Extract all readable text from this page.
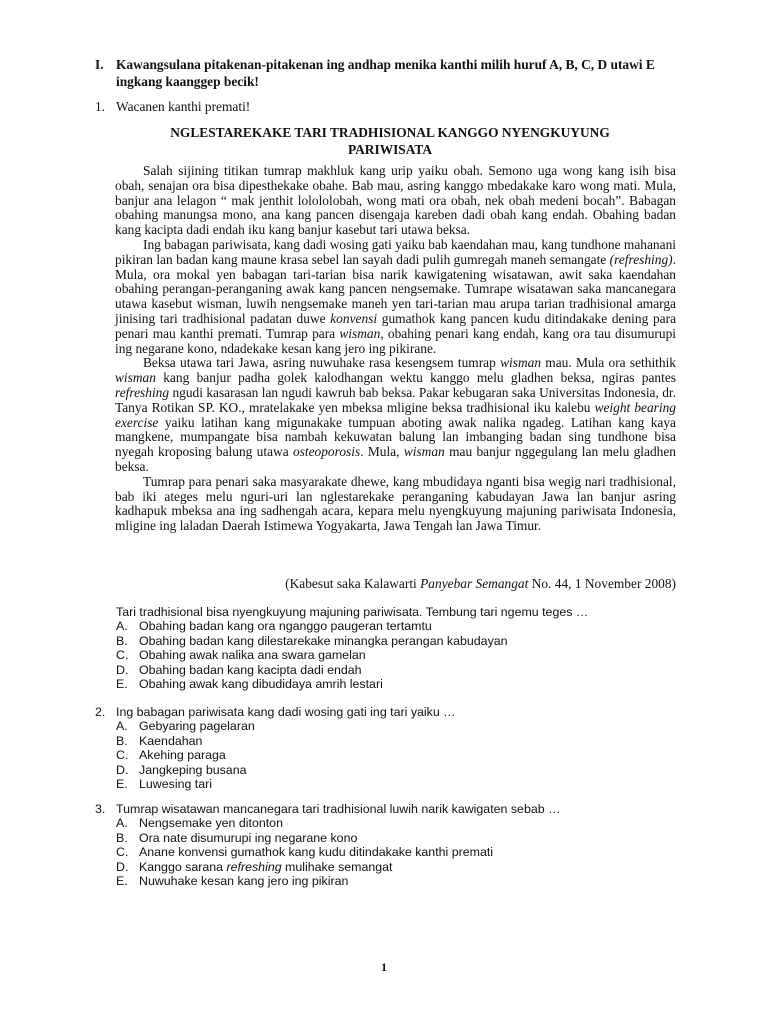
I. Kawangsulana pitakenan-pitakenan ing andhap menika kanthi milih huruf A, B, C, D utawi E ingkang kaanggep becik!
1. Wacanen kanthi premati!
NGLESTAREKAKE TARI TRADHISIONAL KANGGO NYENGKUYUNG
PARIWISATA

Salah sijining titikan tumrap makhluk kang urip yaiku obah. Semono uga wong kang isih bisa obah, senajan ora bisa dipesthekake obahe. Bab mau, asring kanggo mbedakake karo wong mati. Mula, banjur ana lelagon “ mak jenthit lolololobah, wong mati ora obah, nek obah medeni bocah”. Babagan obahing manungsa mono, ana kang pancen disengaja kareben dadi obah kang endah. Obahing badan kang kacipta dadi endah iku kang banjur kasebut tari utawa beksa.

Ing babagan pariwisata, kang dadi wosing gati yaiku bab kaendahan mau, kang tundhone mahanani pikiran lan badan kang maune krasa sebel lan sayah dadi pulih gumregah maneh semangate (refreshing). Mula, ora mokal yen babagan tari-tarian bisa narik kawigatening wisatawan, awit saka kaendahan obahing perangan-peranganing awak kang pancen nengsemake. Tumrape wisatawan saka mancanegara utawa kasebut wisman, luwih nengsemake maneh yen tari-tarian mau arupa tarian tradhisional amarga jinising tari tradhisional padatan duwe konvensi gumathok kang pancen kudu ditindakake dening para penari mau kanthi premati. Tumrap para wisman, obahing penari kang endah, kang ora tau disumurupi ing negarane kono, ndadekake kesan kang jero ing pikirane.

Beksa utawa tari Jawa, asring nuwuhake rasa kesengsem tumrap wisman mau. Mula ora sethithik wisman kang banjur padha golek kalodhangan wektu kanggo melu gladhen beksa, ngiras pantes refreshing ngudi kasarasan lan ngudi kawruh bab beksa. Pakar kebugaran saka Universitas Indonesia, dr. Tanya Rotikan SP. KO., mratelakake yen mbeksa mligine beksa tradhisional iku kalebu weight bearing exercise yaiku latihan kang migunakake tumpuan aboting awak nalika ngadeg. Latihan kang kaya mangkene, mumpangate bisa nambah kekuwatan balung lan imbanging badan sing tundhone bisa nyegah kroposing balung utawa osteoporosis. Mula, wisman mau banjur nggegulang lan melu gladhen beksa.

Tumrap para penari saka masyarakate dhewe, kang mbudidaya nganti bisa wegig nari tradhisional, bab iki ateges melu nguri-uri lan nglestarekake peranganing kabudayan Jawa lan banjur asring kadhapuk mbeksa ana ing sadhengah acara, kepara melu nyengkuyung majuning pariwisata Indonesia, mligine ing laladan Daerah Istimewa Yogyakarta, Jawa Tengah lan Jawa Timur.

(Kabesut saka Kalawarti Panyebar Semangat No. 44, 1 November 2008)
Tari tradhisional bisa nyengkuyung majuning pariwisata. Tembung tari ngemu teges …
A. Obahing badan kang ora nganggo paugeran tertamtu
B. Obahing badan kang dilestarekake minangka perangan kabudayan
C. Obahing awak nalika ana swara gamelan
D. Obahing badan kang kacipta dadi endah
E. Obahing awak kang dibudidaya amrih lestari
2. Ing babagan pariwisata kang dadi wosing gati ing tari yaiku …
A. Gebyaring pagelaran
B. Kaendahan
C. Akehing paraga
D. Jangkeping busana
E. Luwesing tari
3. Tumrap wisatawan mancanegara tari tradhisional luwih narik kawigaten sebab …
A. Nengsemake yen ditonton
B. Ora nate disumurupi ing negarane kono
C. Anane konvensi gumathok kang kudu ditindakake kanthi premati
D. Kanggo sarana refreshing mulihake semangat
E. Nuwuhake kesan kang jero ing pikiran
1
